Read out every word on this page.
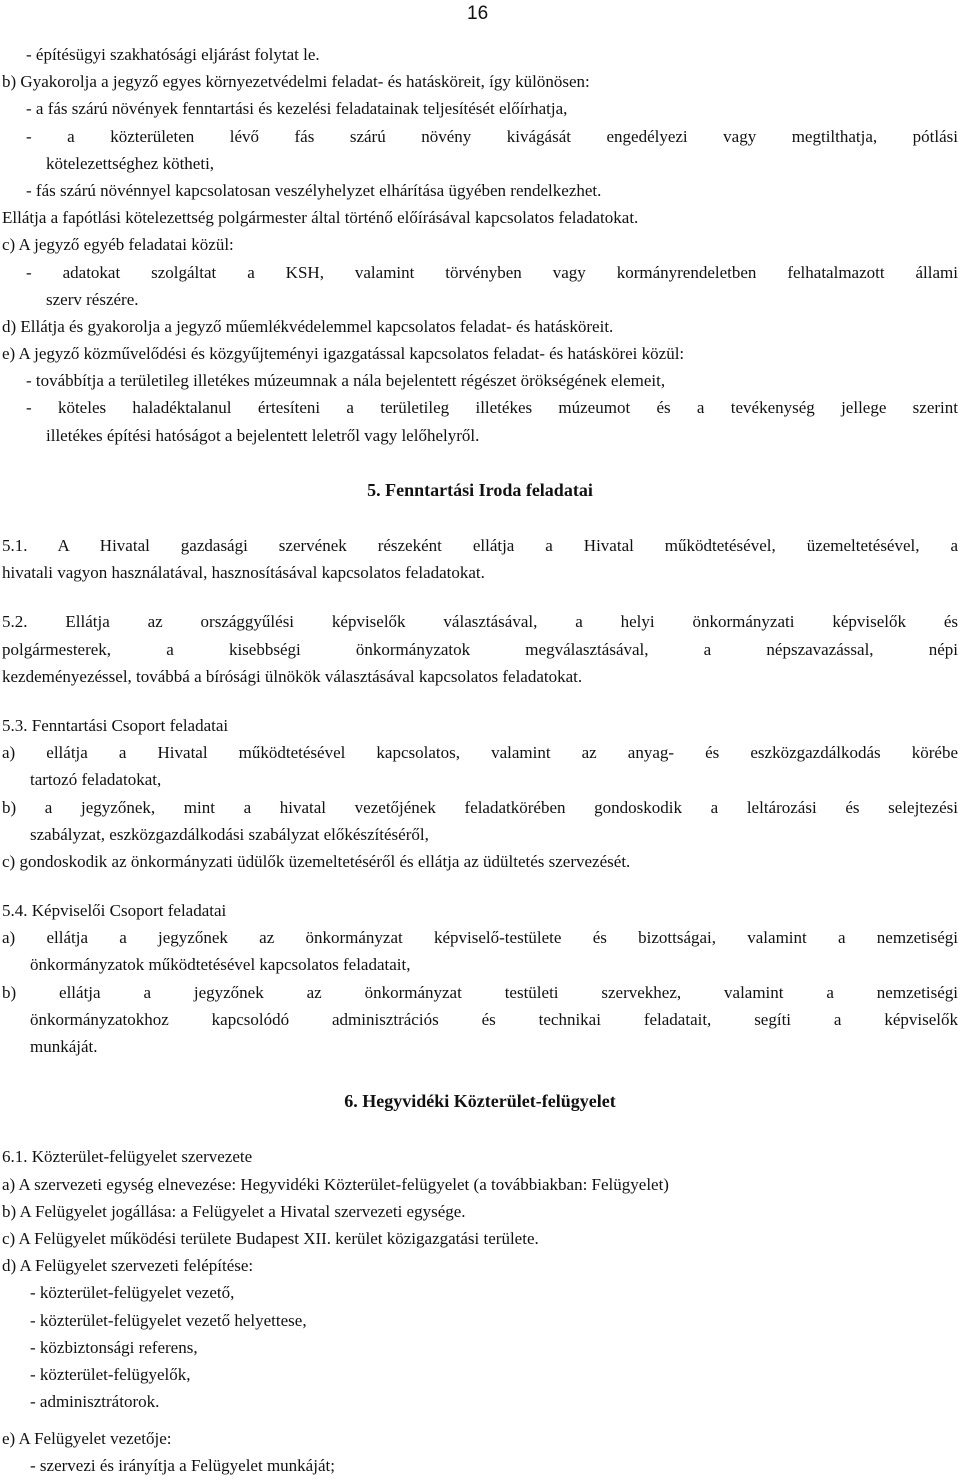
16
- építésügyi szakhatósági eljárást folytat le.
b) Gyakorolja a jegyző egyes környezetvédelmi feladat- és hatásköreit, így különösen:
- a fás szárú növények fenntartási és kezelési feladatainak teljesítését előírhatja,
- a közterületen lévő fás szárú növény kivágását engedélyezi vagy megtilthatja, pótlási
kötelezettséghez kötheti,
- fás szárú növénnyel kapcsolatosan veszélyhelyzet elhárítása ügyében rendelkezhet.
Ellátja a fapótlási kötelezettség polgármester által történő előírásával kapcsolatos feladatokat.
c) A jegyző egyéb feladatai közül:
- adatokat szolgáltat a KSH, valamint törvényben vagy kormányrendeletben felhatalmazott állami
szerv részére.
d) Ellátja és gyakorolja a jegyző műemlékvédelemmel kapcsolatos feladat- és hatásköreit.
e) A jegyző közművelődési és közgyűjteményi igazgatással kapcsolatos feladat- és hatáskörei közül:
- továbbítja a területileg illetékes múzeumnak a nála bejelentett régészet örökségének elemeit,
- köteles haladéktalanul értesíteni a területileg illetékes múzeumot és a tevékenység jellege szerint
illetékes építési hatóságot a bejelentett leletről vagy lelőhelyről.
5. Fenntartási Iroda feladatai
5.1. A Hivatal gazdasági szervének részeként ellátja a Hivatal működtetésével, üzemeltetésével, a
hivatali vagyon használatával, hasznosításával kapcsolatos feladatokat.
5.2. Ellátja az országgyűlési képviselők választásával, a helyi önkormányzati képviselők és
polgármesterek, a kisebbségi önkormányzatok megválasztásával, a népszavazással, népi
kezdeményezéssel, továbbá a bírósági ülnökök választásával kapcsolatos feladatokat.
5.3. Fenntartási Csoport feladatai
a) ellátja a Hivatal működtetésével kapcsolatos, valamint az anyag- és eszközgazdálkodás körébe
tartozó feladatokat,
b) a jegyzőnek, mint a hivatal vezetőjének feladatkörében gondoskodik a leltározási és selejtezési
szabályzat, eszközgazdálkodási szabályzat előkészítéséről,
c) gondoskodik az önkormányzati üdülők üzemeltetéséről és ellátja az üdültetés szervezését.
5.4. Képviselői Csoport feladatai
a) ellátja a jegyzőnek az önkormányzat képviselő-testülete és bizottságai, valamint a nemzetiségi
önkormányzatok működtetésével kapcsolatos feladatait,
b) ellátja a jegyzőnek az önkormányzat testületi szervekhez, valamint a nemzetiségi
önkormányzatokhoz kapcsolódó adminisztrációs és technikai feladatait, segíti a képviselők
munkáját.
6. Hegyvidéki Közterület-felügyelet
6.1. Közterület-felügyelet szervezete
a) A szervezeti egység elnevezése: Hegyvidéki Közterület-felügyelet (a továbbiakban: Felügyelet)
b) A Felügyelet jogállása: a Felügyelet a Hivatal szervezeti egysége.
c) A Felügyelet működési területe Budapest XII. kerület közigazgatási területe.
d) A Felügyelet szervezeti felépítése:
- közterület-felügyelet vezető,
- közterület-felügyelet vezető helyettese,
- közbiztonsági referens,
- közterület-felügyelők,
- adminisztrátorok.
e) A Felügyelet vezetője:
- szervezi és irányítja a Felügyelet munkáját;
